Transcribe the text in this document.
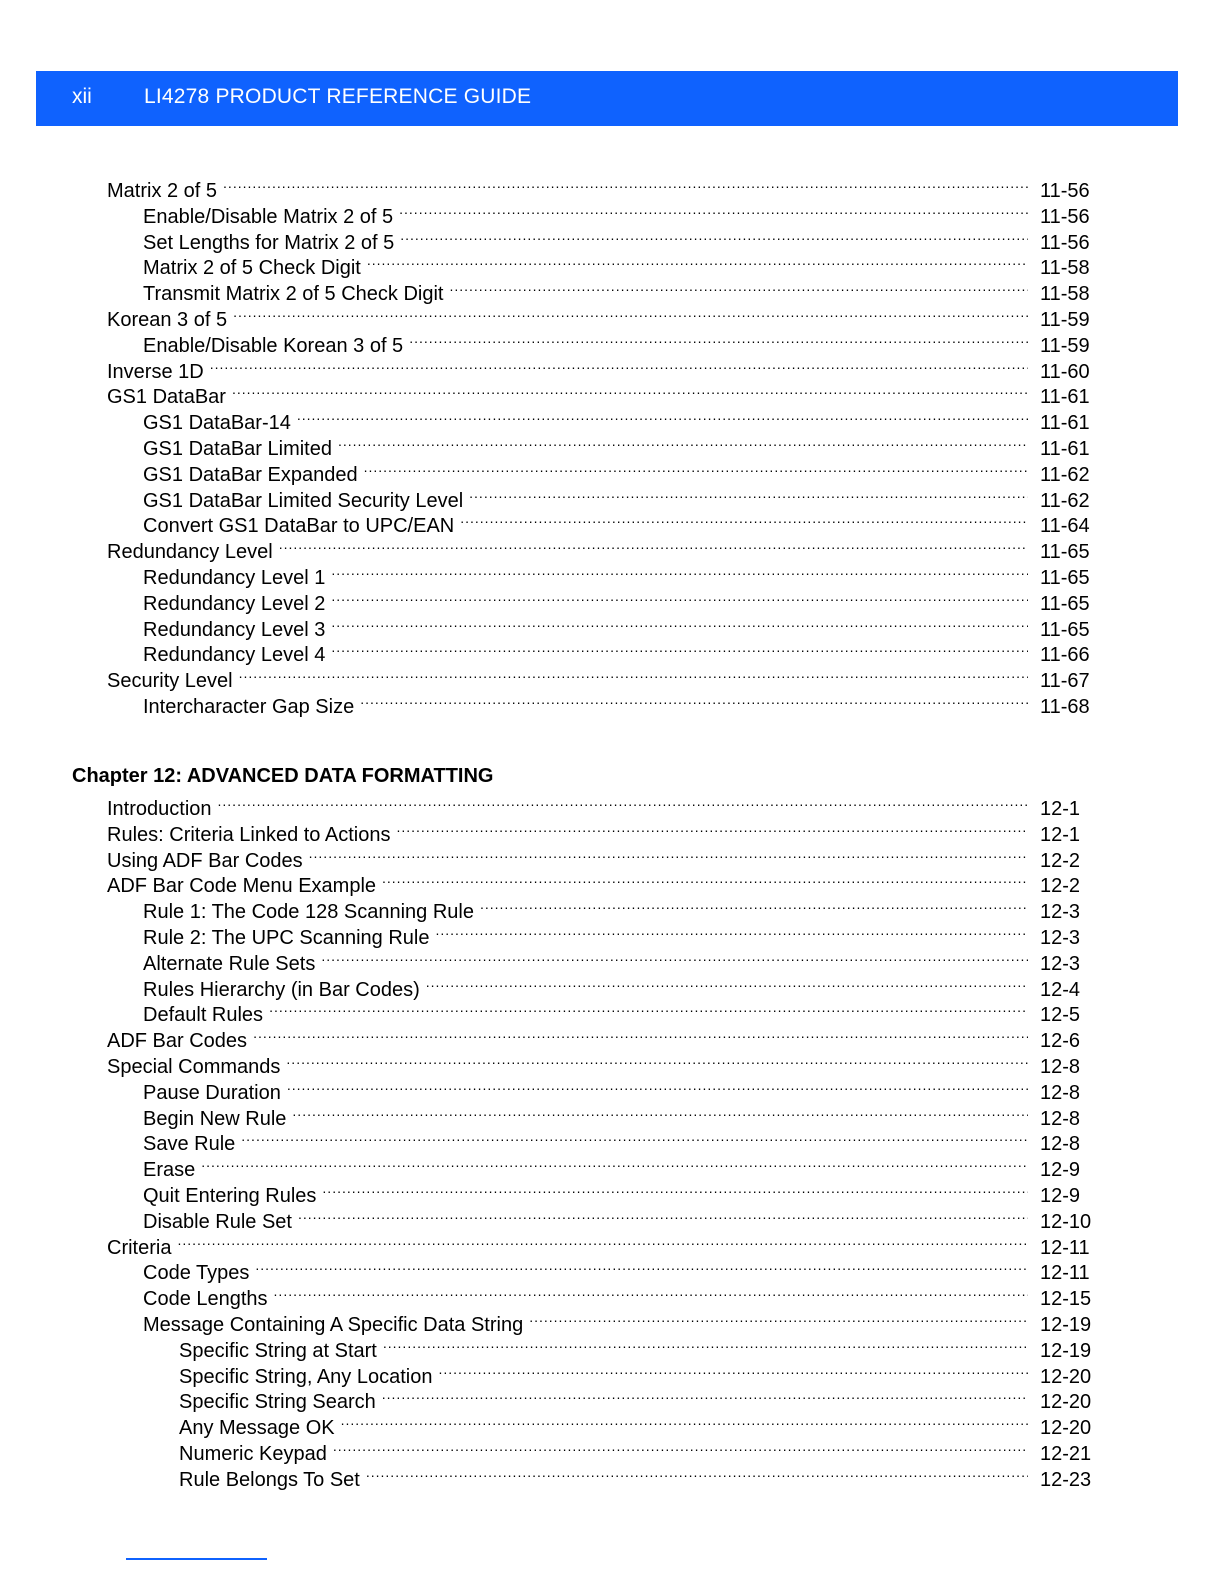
xii LI4278 PRODUCT REFERENCE GUIDE
Matrix 2 of 5 .....	11-56
Enable/Disable Matrix 2 of 5 .....	11-56
Set Lengths for Matrix 2 of 5 .....	11-56
Matrix 2 of 5 Check Digit .....	11-58
Transmit Matrix 2 of 5 Check Digit .....	11-58
Korean 3 of 5 .....	11-59
Enable/Disable Korean 3 of 5 .....	11-59
Inverse 1D .....	11-60
GS1 DataBar .....	11-61
GS1 DataBar-14 .....	11-61
GS1 DataBar Limited .....	11-61
GS1 DataBar Expanded .....	11-62
GS1 DataBar Limited Security Level .....	11-62
Convert GS1 DataBar to UPC/EAN .....	11-64
Redundancy Level .....	11-65
Redundancy Level 1 .....	11-65
Redundancy Level 2 .....	11-65
Redundancy Level 3 .....	11-65
Redundancy Level 4 .....	11-66
Security Level .....	11-67
Intercharacter Gap Size .....	11-68
Introduction .....	12-1
Rules: Criteria Linked to Actions .....	12-1
Using ADF Bar Codes .....	12-2
ADF Bar Code Menu Example .....	12-2
Rule 1: The Code 128 Scanning Rule .....	12-3
Rule 2: The UPC Scanning Rule .....	12-3
Alternate Rule Sets .....	12-3
Rules Hierarchy (in Bar Codes) .....	12-4
Default Rules .....	12-5
ADF Bar Codes .....	12-6
Special Commands .....	12-8
Pause Duration .....	12-8
Begin New Rule .....	12-8
Save Rule .....	12-8
Erase .....	12-9
Quit Entering Rules .....	12-9
Disable Rule Set .....	12-10
Criteria .....	12-11
Code Types .....	12-11
Code Lengths .....	12-15
Message Containing A Specific Data String .....	12-19
Specific String at Start .....	12-19
Specific String, Any Location .....	12-20
Specific String Search .....	12-20
Any Message OK .....	12-20
Numeric Keypad .....	12-21
Rule Belongs To Set .....	12-23
Chapter 12: ADVANCED DATA FORMATTING
